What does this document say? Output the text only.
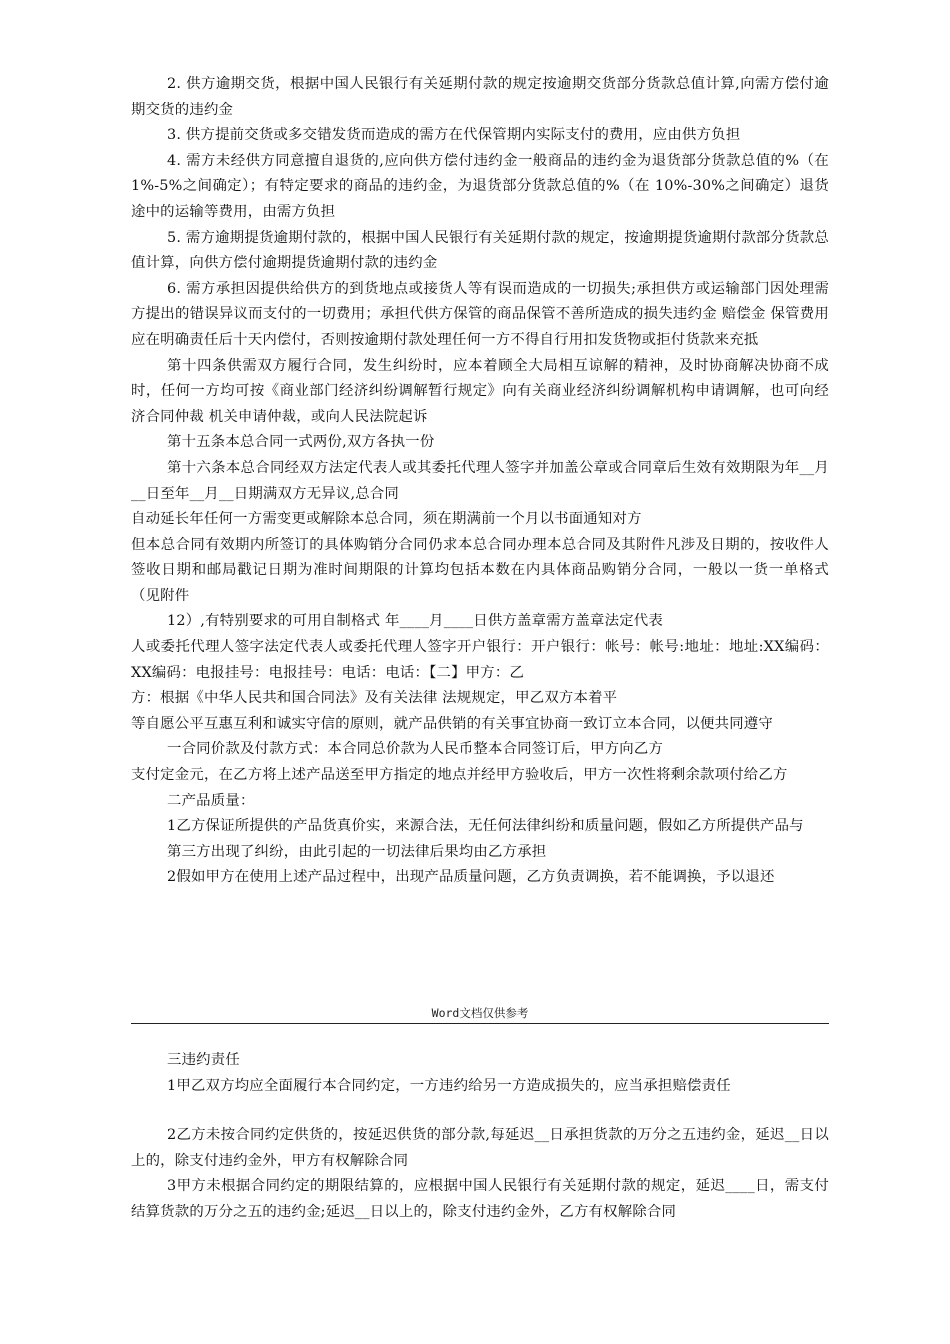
2. 供方逾期交货，根据中国人民银行有关延期付款的规定按逾期交货部分货款总值计算,向需方偿付逾期交货的违约金

3. 供方提前交货或多交错发货而造成的需方在代保管期内实际支付的费用，应由供方负担

4. 需方未经供方同意擅自退货的,应向供方偿付违约金一般商品的违约金为退货部分货款总值的%（在 1%-5%之间确定）；有特定要求的商品的违约金，为退货部分货款总值的%（在 10%-30%之间确定）退货途中的运输等费用，由需方负担

5. 需方逾期提货逾期付款的，根据中国人民银行有关延期付款的规定，按逾期提货逾期付款部分货款总值计算，向供方偿付逾期提货逾期付款的违约金

6. 需方承担因提供给供方的到货地点或接货人等有误而造成的一切损失;承担供方或运输部门因处理需方提出的错误异议而支付的一切费用；承担代供方保管的商品保管不善所造成的损失违约金 赔偿金 保管费用应在明确责任后十天内偿付，否则按逾期付款处理任何一方不得自行用扣发货物或拒付货款来充抵

第十四条供需双方履行合同，发生纠纷时，应本着顾全大局相互谅解的精神，及时协商解决协商不成时，任何一方均可按《商业部门经济纠纷调解暂行规定》向有关商业经济纠纷调解机构申请调解，也可向经济合同仲裁 机关申请仲裁，或向人民法院起诉

第十五条本总合同一式两份,双方各执一份

第十六条本总合同经双方法定代表人或其委托代理人签字并加盖公章或合同章后生效有效期限为年__月__日至年__月__日期满双方无异议,总合同

自动延长年任何一方需变更或解除本总合同，须在期满前一个月以书面通知对方

但本总合同有效期内所签订的具体购销分合同仍求本总合同办理本总合同及其附件凡涉及日期的，按收件人签收日期和邮局戳记日期为准时间期限的计算均包括本数在内具体商品购销分合同，一般以一货一单格式（见附件

12）,有特别要求的可用自制格式 年____月____日供方盖章需方盖章法定代表

人或委托代理人签字法定代表人或委托代理人签字开户银行：开户银行：帐号：帐号:地址：地址:XX编码：XX编码：电报挂号：电报挂号：电话：电话：【二】甲方：乙

方：根据《中华人民共和国合同法》及有关法律 法规规定，甲乙双方本着平

等自愿公平互惠互利和诚实守信的原则，就产品供销的有关事宜协商一致订立本合同，以便共同遵守

一合同价款及付款方式：本合同总价款为人民币整本合同签订后，甲方向乙方

支付定金元，在乙方将上述产品送至甲方指定的地点并经甲方验收后，甲方一次性将剩余款项付给乙方

二产品质量：

1乙方保证所提供的产品货真价实，来源合法，无任何法律纠纷和质量问题，假如乙方所提供产品与

第三方出现了纠纷，由此引起的一切法律后果均由乙方承担

2假如甲方在使用上述产品过程中，出现产品质量问题，乙方负责调换，若不能调换，予以退还

Word文档仅供参考

三违约责任

1甲乙双方均应全面履行本合同约定，一方违约给另一方造成损失的，应当承担赔偿责任

2乙方未按合同约定供货的，按延迟供货的部分款,每延迟__日承担货款的万分之五违约金，延迟__日以上的，除支付违约金外，甲方有权解除合同

3甲方未根据合同约定的期限结算的，应根据中国人民银行有关延期付款的规定，延迟____日，需支付结算货款的万分之五的违约金;延迟__日以上的，除支付违约金外，乙方有权解除合同
